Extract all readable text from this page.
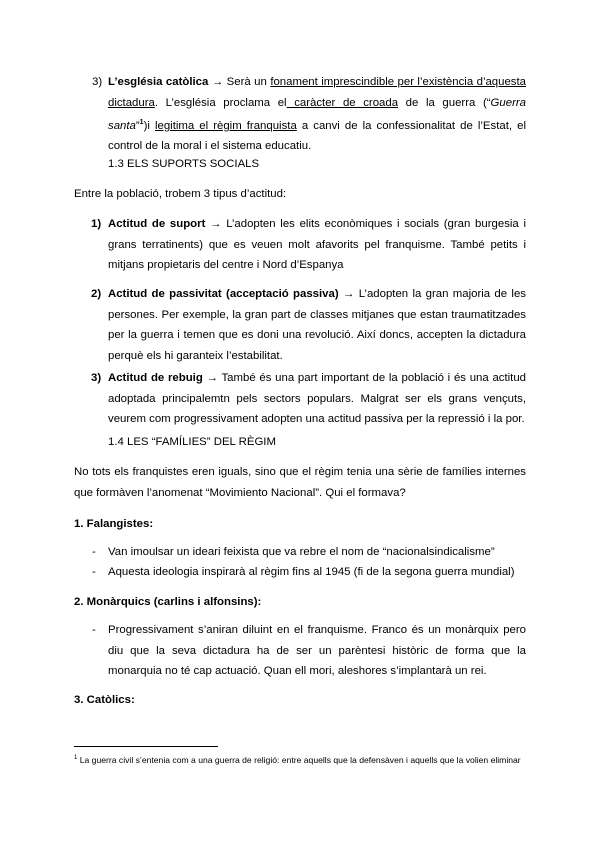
3) L’església catòlica → Serà un fonament imprescindible per l’existència d’aquesta dictadura. L’església proclama el caràcter de croada de la guerra (“Guerra santa”$^1$)i legitima el règim franquista a canvi de la confessionalitat de l’Estat, el control de la moral i el sistema educatiu.
1.3 ELS SUPORTS SOCIALS
Entre la població, trobem 3 tipus d’actitud:
1) Actitud de suport → L’adopten les elits econòmiques i socials (gran burgesia i grans terratinents) que es veuen molt afavorits pel franquisme. També petits i mitjans propietaris del centre i Nord d’Espanya
2) Actitud de passivitat (acceptació passiva) → L’adopten la gran majoria de les persones. Per exemple, la gran part de classes mitjanes que estan traumatitzades per la guerra i temen que es doni una revolució. Així doncs, accepten la dictadura perquè els hi garanteix l’estabilitat.
3) Actitud de rebuig → També és una part important de la població i és una actitud adoptada principalemtn pels sectors populars. Malgrat ser els grans vençuts, veurem com progressivament adopten una actitud passiva per la repressió i la por.
1.4 LES “FAMÍLIES” DEL RÈGIM
No tots els franquistes eren iguals, sino que el règim tenia una sèrie de famílies internes que formàven l’anomenat “Movimiento Nacional”. Qui el formava?
1. Falangistes:
- Van imoulsar un ideari feixista que va rebre el nom de “nacionalsindicalisme”
- Aquesta ideologia inspirarà al règim fins al 1945 (fi de la segona guerra mundial)
2. Monàrquics (carlins i alfonsins):
- Progressivament s’aniran diluint en el franquisme. Franco és un monàrquix pero diu que la seva dictadura ha de ser un parèntesi històric de forma que la monarquia no té cap actuació. Quan ell mori, aleshores s’implantarà un rei.
3. Catòlics:
$^1$ La guerra civil s’entenia com a una guerra de religió: entre aquells que la defensàven i aquells que la volien eliminar
